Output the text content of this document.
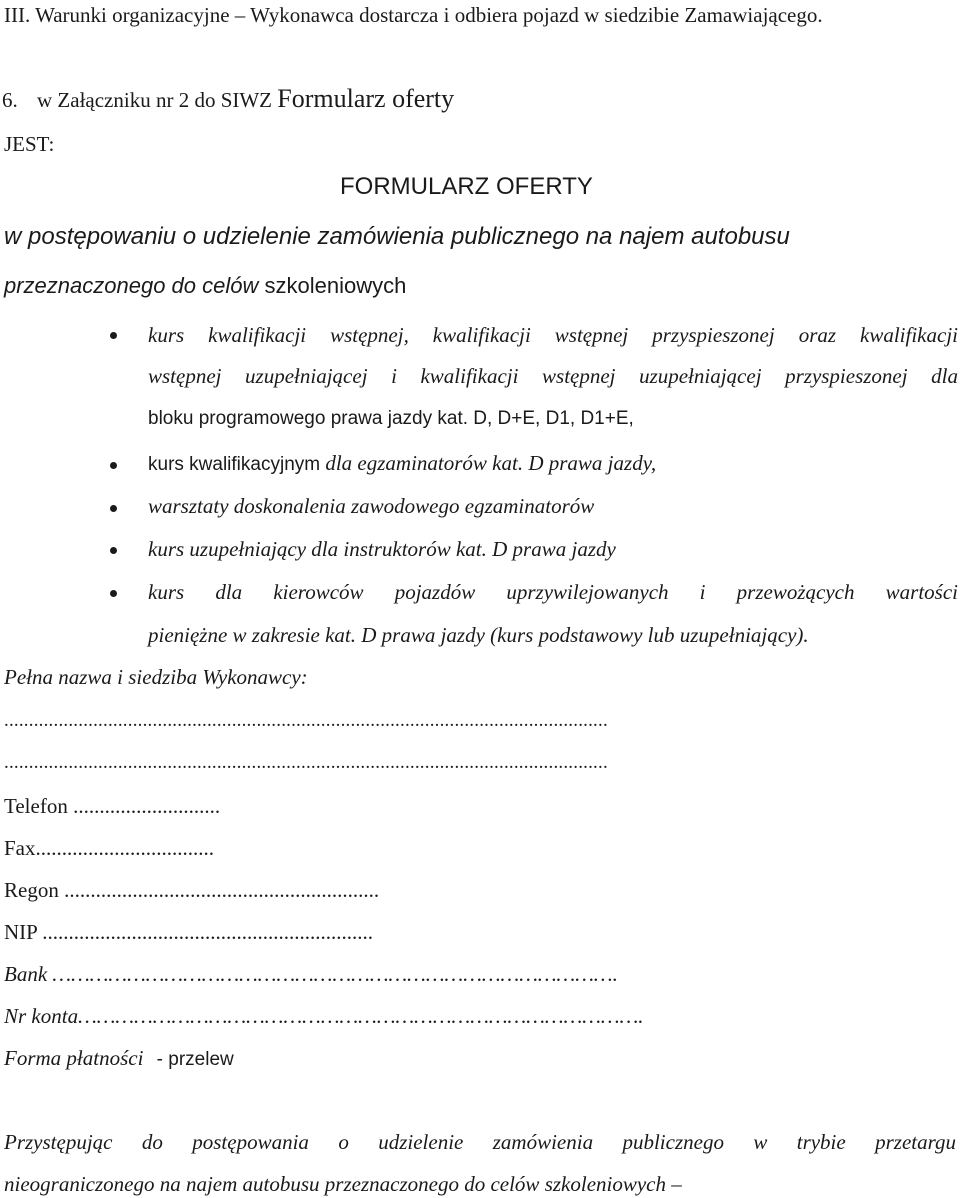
III. Warunki organizacyjne – Wykonawca dostarcza i odbiera pojazd w siedzibie Zamawiającego.
6. w Załączniku nr 2 do SIWZ Formularz oferty
JEST:
FORMULARZ OFERTY
w postępowaniu o udzielenie zamówienia publicznego na najem autobusu
przeznaczonego do celów szkoleniowych
kurs kwalifikacji wstępnej, kwalifikacji wstępnej przyspieszonej oraz kwalifikacji
wstępnej uzupełniającej i kwalifikacji wstępnej uzupełniającej przyspieszonej dla
bloku programowego prawa jazdy kat. D, D+E, D1, D1+E,
kurs kwalifikacyjnym dla egzaminatorów kat. D prawa jazdy,
warsztaty doskonalenia zawodowego egzaminatorów
kurs uzupełniający dla instruktorów kat. D prawa jazdy
kurs dla kierowców pojazdów uprzywilejowanych i przewożących wartości
pieniężne w zakresie kat. D prawa jazdy (kurs podstawowy lub uzupełniający).
Pełna nazwa i siedziba Wykonawcy:
..........................................................................................................................
..........................................................................................................................
Telefon ............................
Fax..................................
Regon ............................................................
NIP ...............................................................
Bank ……………………………………………………………………………….
Nr konta……………………………………………………………………………….
Forma płatności - przelew
Przystępując do postępowania o udzielenie zamówienia publicznego w trybie przetargu
nieograniczonego na najem autobusu przeznaczonego do celów szkoleniowych –
